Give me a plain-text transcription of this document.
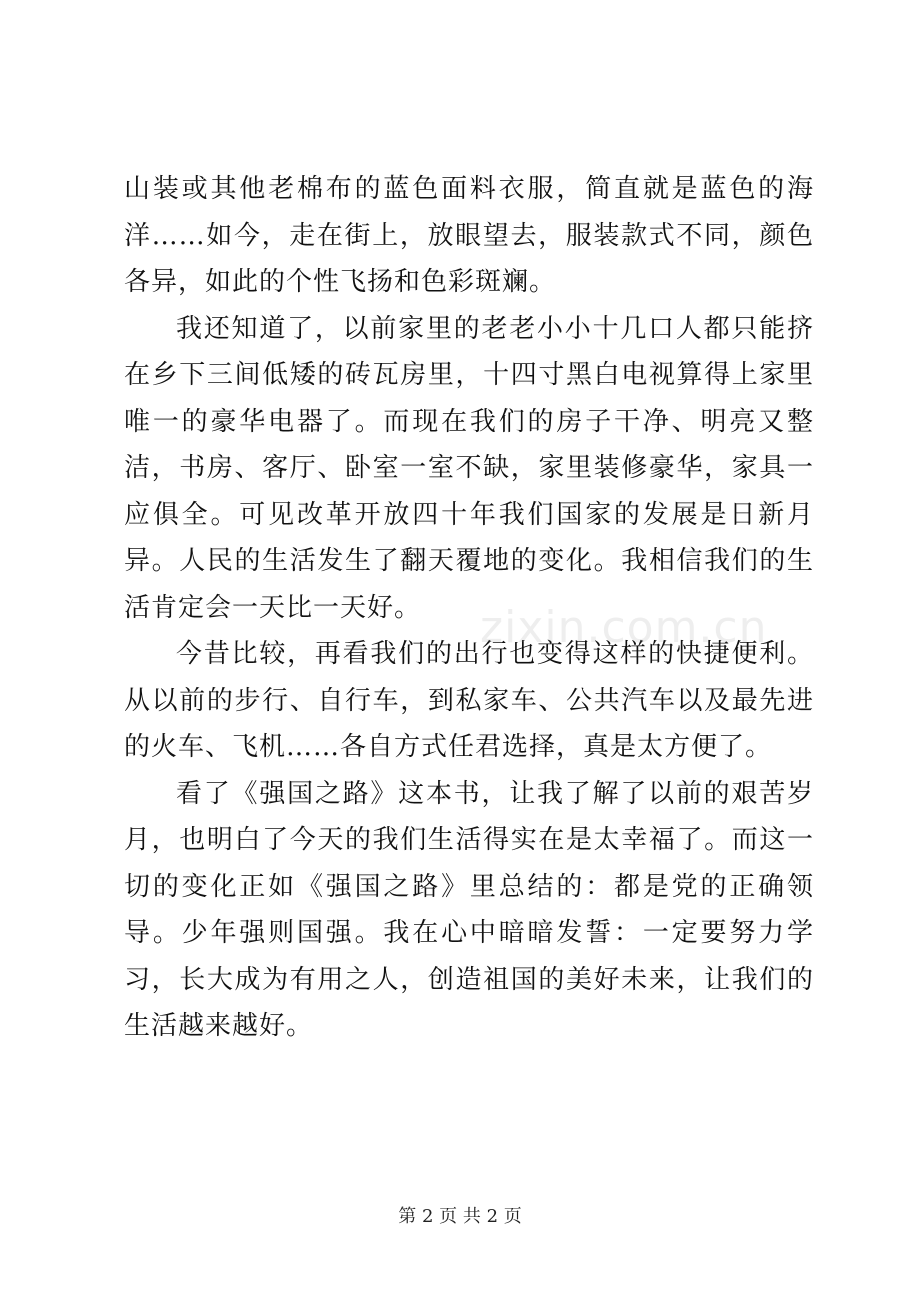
山装或其他老棉布的蓝色面料衣服，简直就是蓝色的海洋……如今，走在街上，放眼望去，服装款式不同，颜色各异，如此的个性飞扬和色彩斑斓。

我还知道了，以前家里的老老小小十几口人都只能挤在乡下三间低矮的砖瓦房里，十四寸黑白电视算得上家里唯一的豪华电器了。而现在我们的房子干净、明亮又整洁，书房、客厅、卧室一室不缺，家里装修豪华，家具一应俱全。可见改革开放四十年我们国家的发展是日新月异。人民的生活发生了翻天覆地的变化。我相信我们的生活肯定会一天比一天好。

今昔比较，再看我们的出行也变得这样的快捷便利。从以前的步行、自行车，到私家车、公共汽车以及最先进的火车、飞机……各自方式任君选择，真是太方便了。

看了《强国之路》这本书，让我了解了以前的艰苦岁月，也明白了今天的我们生活得实在是太幸福了。而这一切的变化正如《强国之路》里总结的：都是党的正确领导。少年强则国强。我在心中暗暗发誓：一定要努力学习，长大成为有用之人，创造祖国的美好未来，让我们的生活越来越好。

zixin.com.cn
第 2 页 共 2 页
